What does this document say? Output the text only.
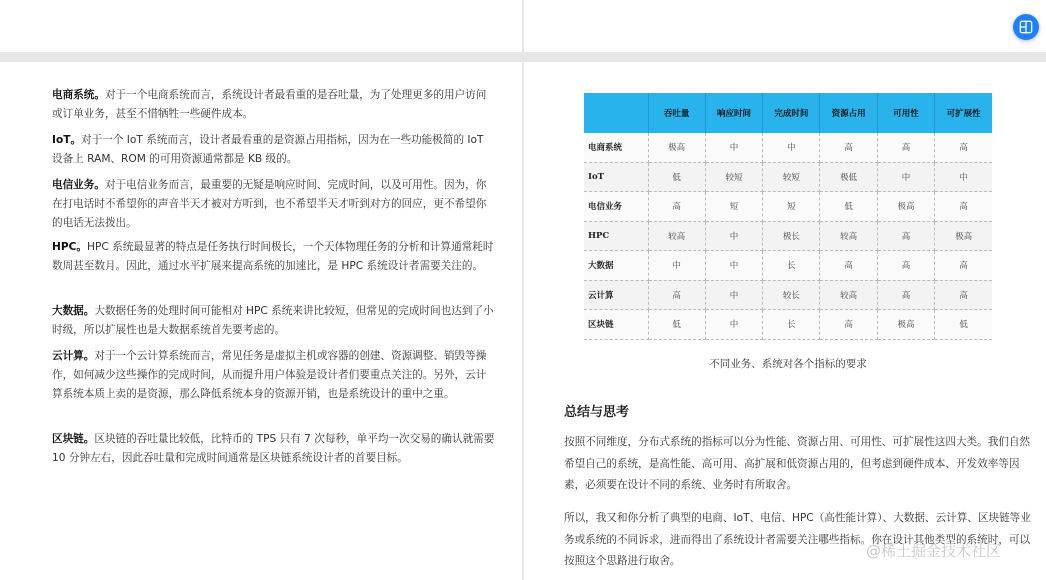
电商系统。对于一个电商系统而言，系统设计者最看重的是吞吐量，为了处理更多的用户访问或订单业务，甚至不惜牺牲一些硬件成本。

IoT。对于一个 IoT 系统而言，设计者最看重的是资源占用指标，因为在一些功能极简的 IoT 设备上 RAM、ROM 的可用资源通常都是 KB 级的。

电信业务。对于电信业务而言，最重要的无疑是响应时间、完成时间，以及可用性。因为，你在打电话时不希望你的声音半天才被对方听到，也不希望半天才听到对方的回应，更不希望你的电话无法拨出。

HPC。HPC 系统最显著的特点是任务执行时间极长，一个天体物理任务的分析和计算通常耗时数周甚至数月。因此，通过水平扩展来提高系统的加速比，是 HPC 系统设计者需要关注的。

大数据。大数据任务的处理时间可能相对 HPC 系统来讲比较短，但常见的完成时间也达到了小时级，所以扩展性也是大数据系统首先要考虑的。

云计算。对于一个云计算系统而言，常见任务是虚拟主机或容器的创建、资源调整、销毁等操作，如何减少这些操作的完成时间，从而提升用户体验是设计者们要重点关注的。另外，云计算系统本质上卖的是资源，那么降低系统本身的资源开销，也是系统设计的重中之重。

区块链。区块链的吞吐量比较低，比特币的 TPS 只有 7 次每秒，单平均一次交易的确认就需要 10 分钟左右，因此吞吐量和完成时间通常是区块链系统设计者的首要目标。

	吞吐量	响应时间	完成时间	资源占用	可用性	可扩展性
电商系统	极高	中	中	高	高	高
IoT	低	较短	较短	极低	中	中
电信业务	高	短	短	低	极高	高
HPC	较高	中	极长	较高	高	极高
大数据	中	中	长	高	高	高
云计算	高	中	较长	较高	高	高
区块链	低	中	长	高	极高	低
不同业务、系统对各个指标的要求
总结与思考

按照不同维度，分布式系统的指标可以分为性能、资源占用、可用性、可扩展性这四大类。我们自然希望自己的系统，是高性能、高可用、高扩展和低资源占用的，但考虑到硬件成本、开发效率等因素，必须要在设计不同的系统、业务时有所取舍。

所以，我又和你分析了典型的电商、IoT、电信、HPC（高性能计算）、大数据、云计算、区块链等业务或系统的不同诉求，进而得出了系统设计者需要关注哪些指标。你在设计其他类型的系统时，可以按照这个思路进行取舍。

@稀土掘金技术社区
